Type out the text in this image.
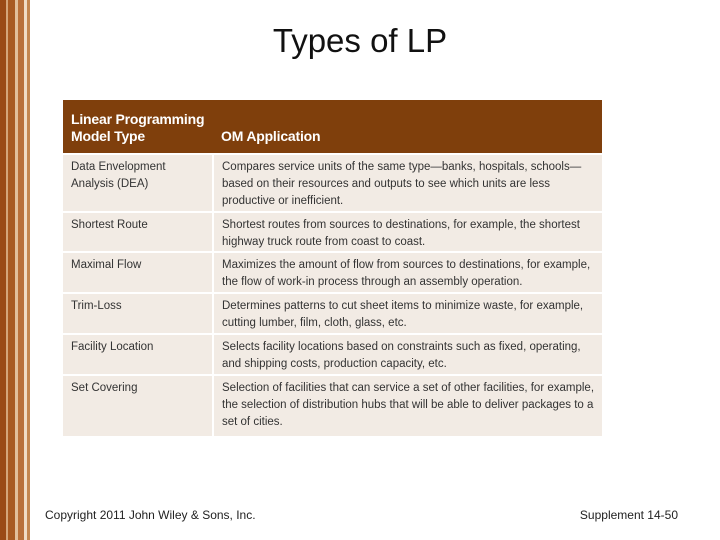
Types of LP
Linear Programming Model Type	OM Application
Data Envelopment Analysis (DEA)	Compares service units of the same type—banks, hospitals, schools—based on their resources and outputs to see which units are less productive or inefficient.
Shortest Route	Shortest routes from sources to destinations, for example, the shortest highway truck route from coast to coast.
Maximal Flow	Maximizes the amount of flow from sources to destinations, for example, the flow of work-in process through an assembly operation.
Trim-Loss	Determines patterns to cut sheet items to minimize waste, for example, cutting lumber, film, cloth, glass, etc.
Facility Location	Selects facility locations based on constraints such as fixed, operating, and shipping costs, production capacity, etc.
Set Covering	Selection of facilities that can service a set of other facilities, for example, the selection of distribution hubs that will be able to deliver packages to a set of cities.
Copyright 2011 John Wiley & Sons, Inc.	Supplement 14-50
